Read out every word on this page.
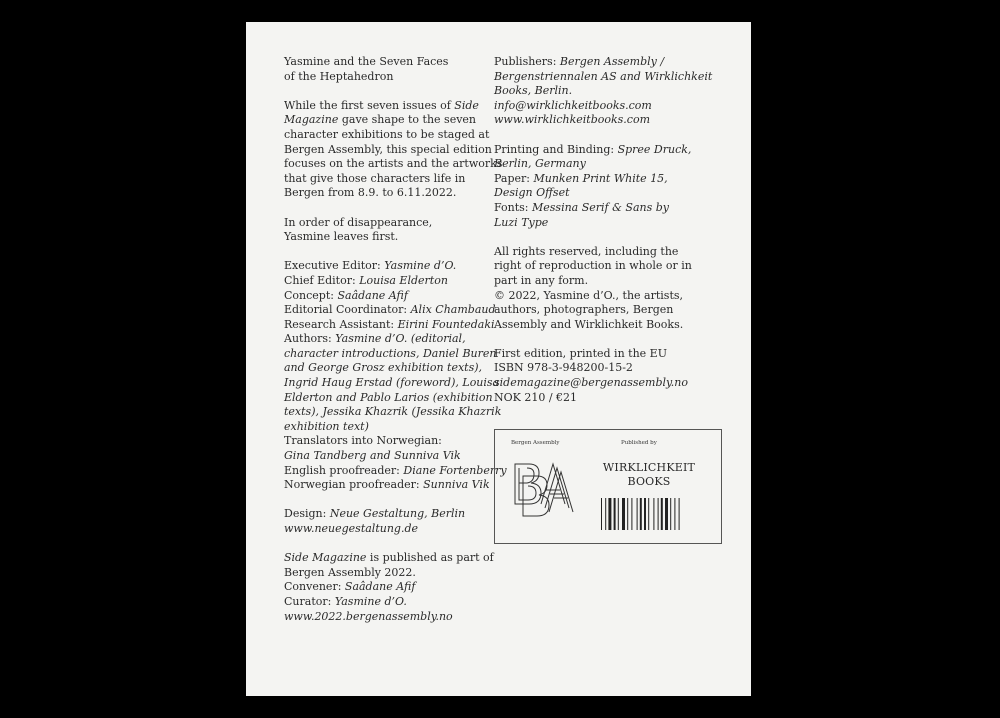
Yasmine and the Seven Faces
of the Heptahedron
While the first seven issues of Side
Magazine gave shape to the seven
character exhibitions to be staged at
Bergen Assembly, this special edition
focuses on the artists and the artworks
that give those characters life in
Bergen from 8.9. to 6.11.2022.
In order of disappearance,
Yasmine leaves first.
Executive Editor: Yasmine d’O.
Chief Editor: Louisa Elderton
Concept: Saâdane Afif
Editorial Coordinator: Alix Chambaud
Research Assistant: Eirini Fountedaki
Authors: Yasmine d’O. (editorial,
character introductions, Daniel Buren
and George Grosz exhibition texts),
Ingrid Haug Erstad (foreword), Louisa
Elderton and Pablo Larios (exhibition
texts), Jessika Khazrik (Jessika Khazrik
exhibition text)
Translators into Norwegian:
Gina Tandberg and Sunniva Vik
English proofreader: Diane Fortenberry
Norwegian proofreader: Sunniva Vik
Design: Neue Gestaltung, Berlin
www.neuegestaltung.de
Side Magazine is published as part of
Bergen Assembly 2022.
Convener: Saâdane Afif
Curator: Yasmine d’O.
www.2022.bergenassembly.no
Publishers: Bergen Assembly /
Bergenstriennalen AS and Wirklichkeit
Books, Berlin.
info@wirklichkeitbooks.com
www.wirklichkeitbooks.com
Printing and Binding: Spree Druck,
Berlin, Germany
Paper: Munken Print White 15,
Design Offset
Fonts: Messina Serif & Sans by
Luzi Type
All rights reserved, including the
right of reproduction in whole or in
part in any form.
© 2022, Yasmine d’O., the artists,
authors, photographers, Bergen
Assembly and Wirklichkeit Books.
First edition, printed in the EU
ISBN 978-3-948200-15-2
sidemagazine@bergenassembly.no
NOK 210 / €21
Bergen Assembly	Published by
WIRKLICHKEIT
BOOKS
